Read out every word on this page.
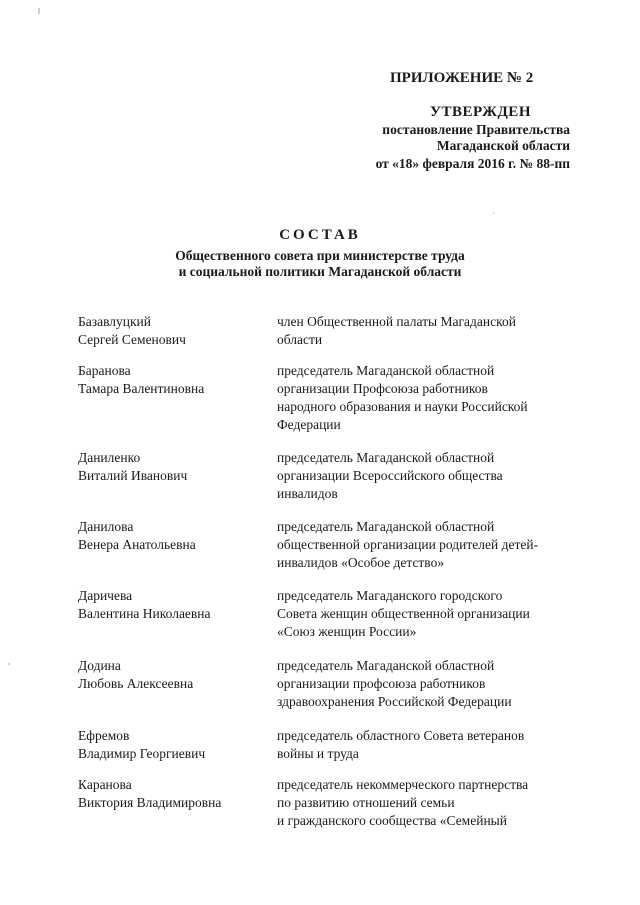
ПРИЛОЖЕНИЕ № 2
УТВЕРЖДЕН
постановление Правительства
Магаданской области
от «18» февраля 2016 г. № 88-пп
СОСТАВ
Общественного совета при министерстве труда
и социальной политики Магаданской области
Базавлуцкий
Сергей Семенович
член Общественной палаты Магаданской
области
Баранова
Тамара Валентиновна
председатель Магаданской областной
организации Профсоюза работников
народного образования и науки Российской
Федерации
Даниленко
Виталий Иванович
председатель Магаданской областной
организации Всероссийского общества
инвалидов
Данилова
Венера Анатольевна
председатель Магаданской областной
общественной организации родителей детей-
инвалидов «Особое детство»
Даричева
Валентина Николаевна
председатель Магаданского городского
Совета женщин общественной организации
«Союз женщин России»
Додина
Любовь Алексеевна
председатель Магаданской областной
организации профсоюза работников
здравоохранения Российской Федерации
Ефремов
Владимир Георгиевич
председатель областного Совета ветеранов
войны и труда
Каранова
Виктория Владимировна
председатель некоммерческого партнерства
по развитию отношений семьи
и гражданского сообщества «Семейный
